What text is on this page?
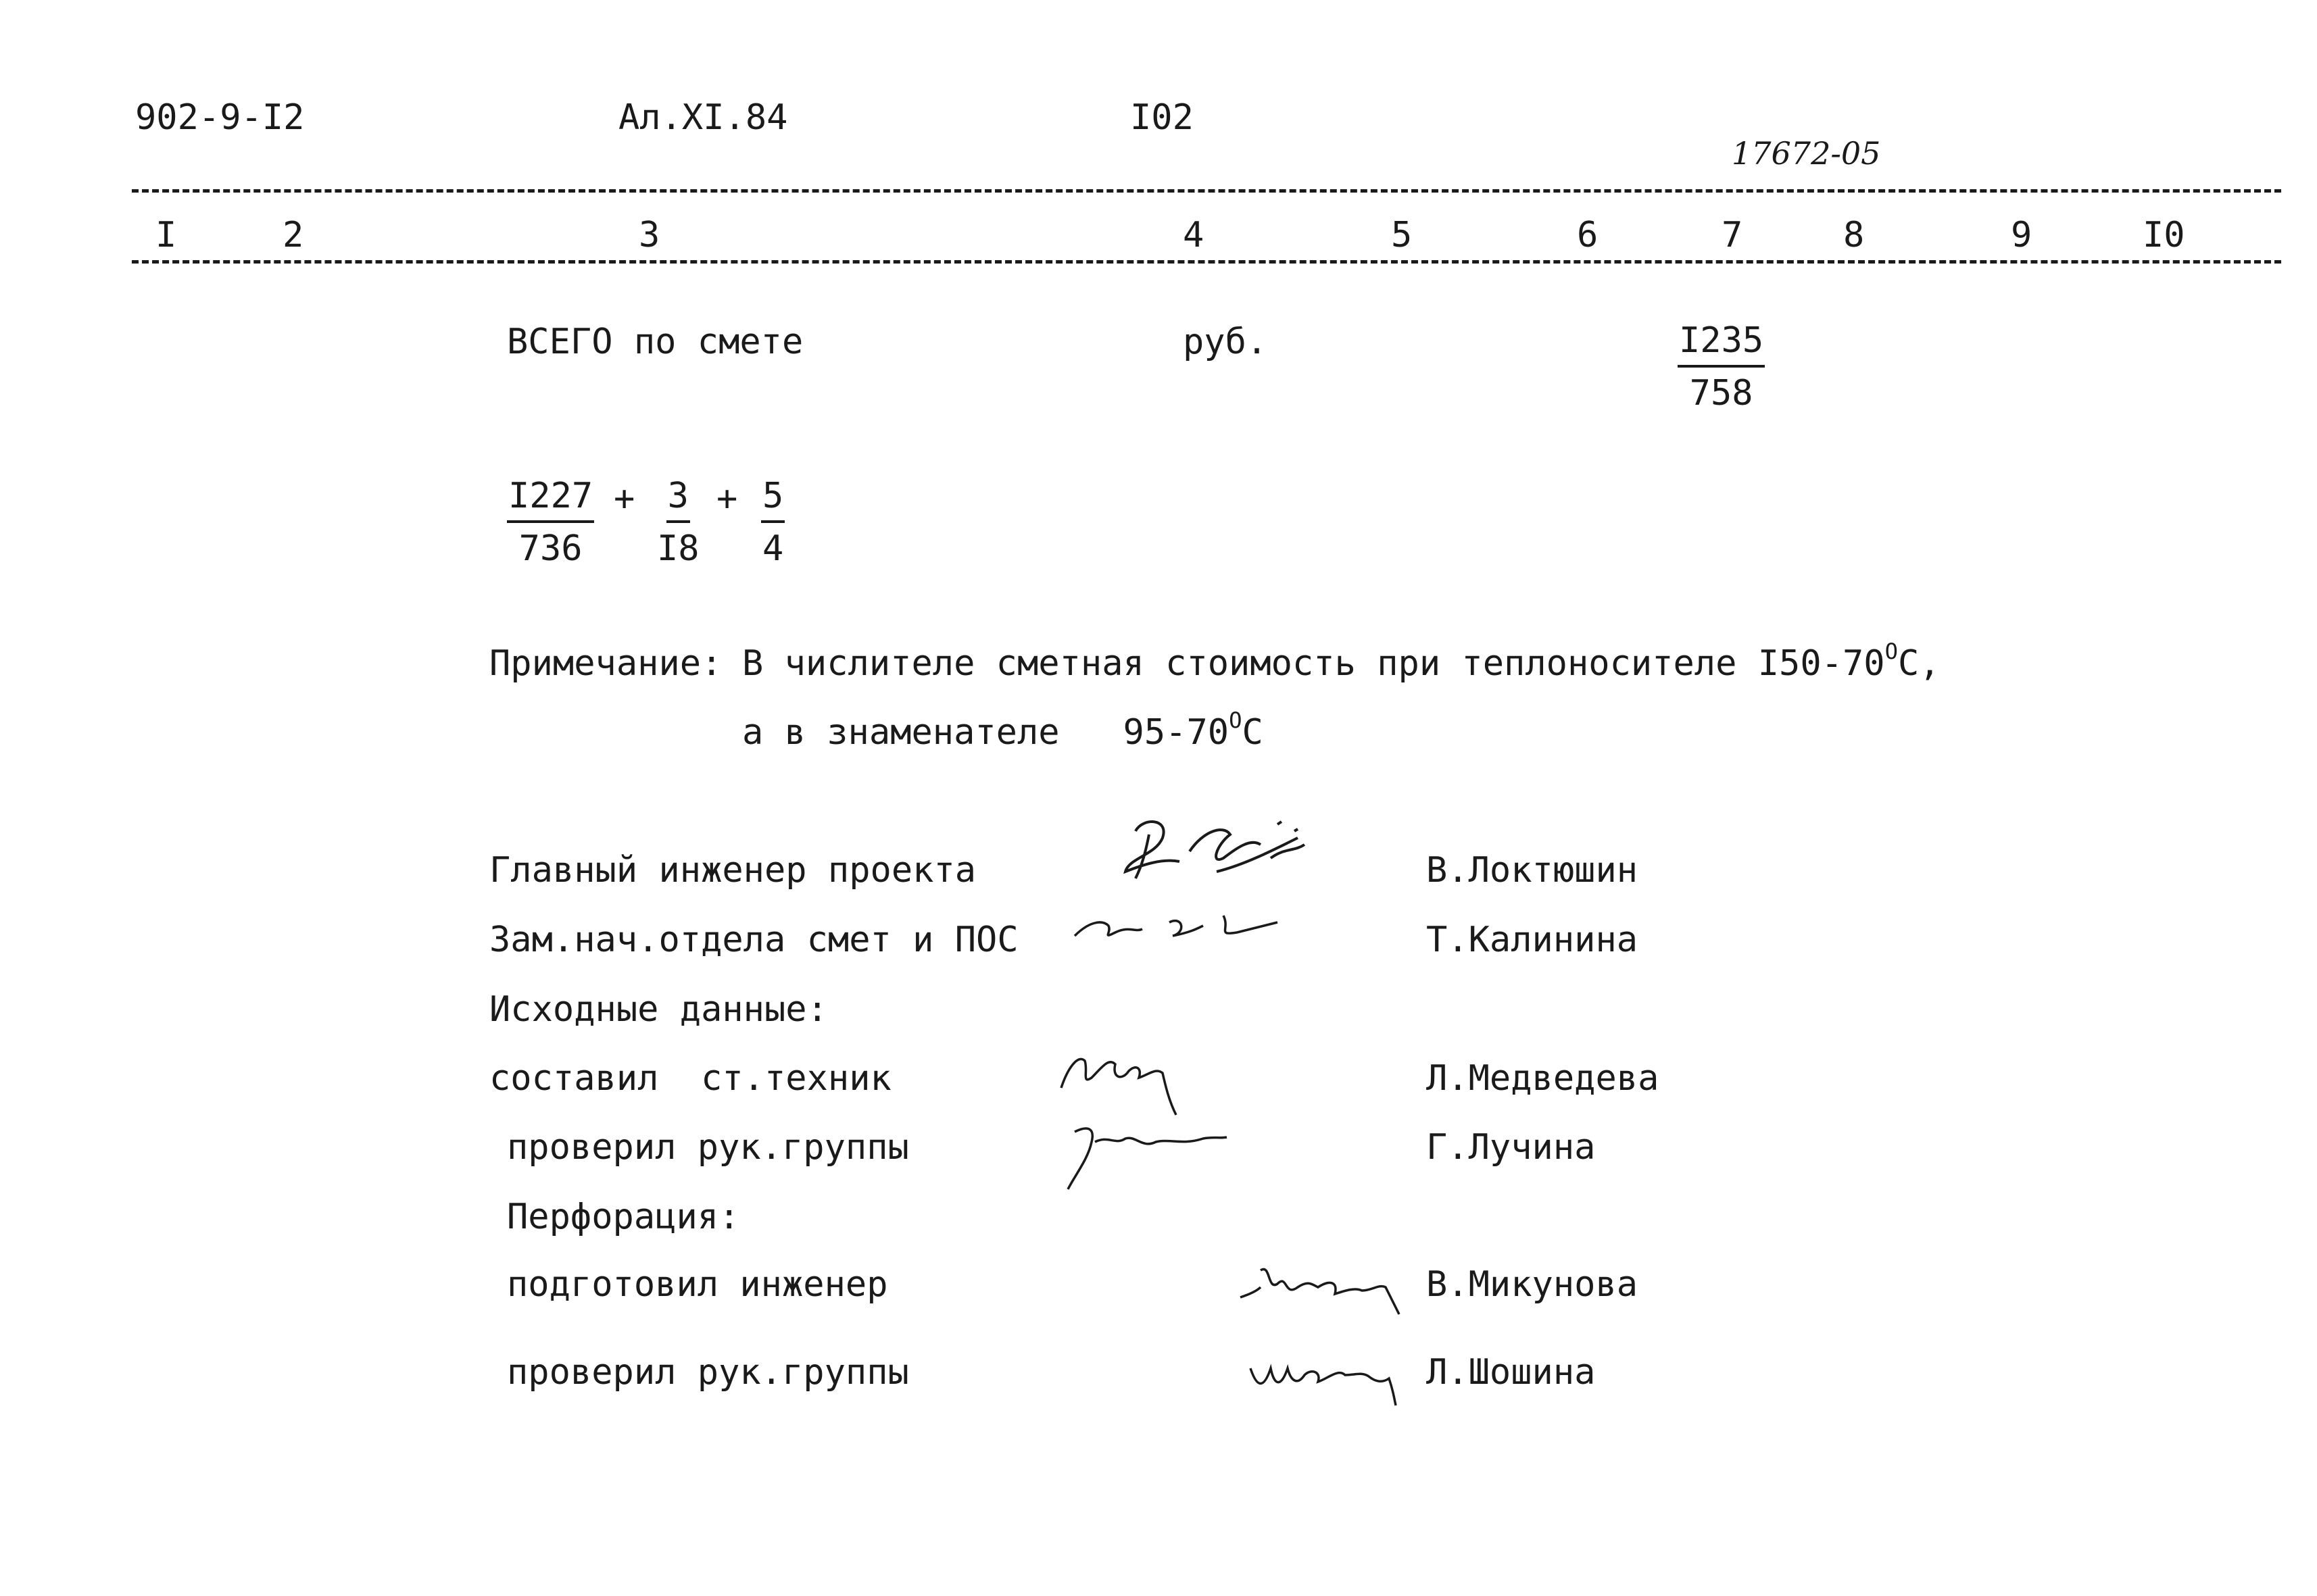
902-9-I2	Ал.XI.84	I02
17672-05
I	2	3	4	5	6	7	8	9	I0
ВСЕГО по смете	руб.	$\frac{I235}{758}$
$\frac{I227}{736} + \frac{3}{I8} + \frac{5}{4}$
Примечание: В числителе сметная стоимость при теплоносителе $I50-70^OС$,
а в знаменателе   $95-70^OС$
Главный инженер проекта	В.Локтюшин
Зам.нач.отдела смет и ПОС	Т.Калинина
Исходные данные:
составил  ст.техник	Л.Медведева
проверил рук.группы	Г.Лучина
Перфорация:
подготовил инженер	В.Микунова
проверил рук.группы	Л.Шошина
